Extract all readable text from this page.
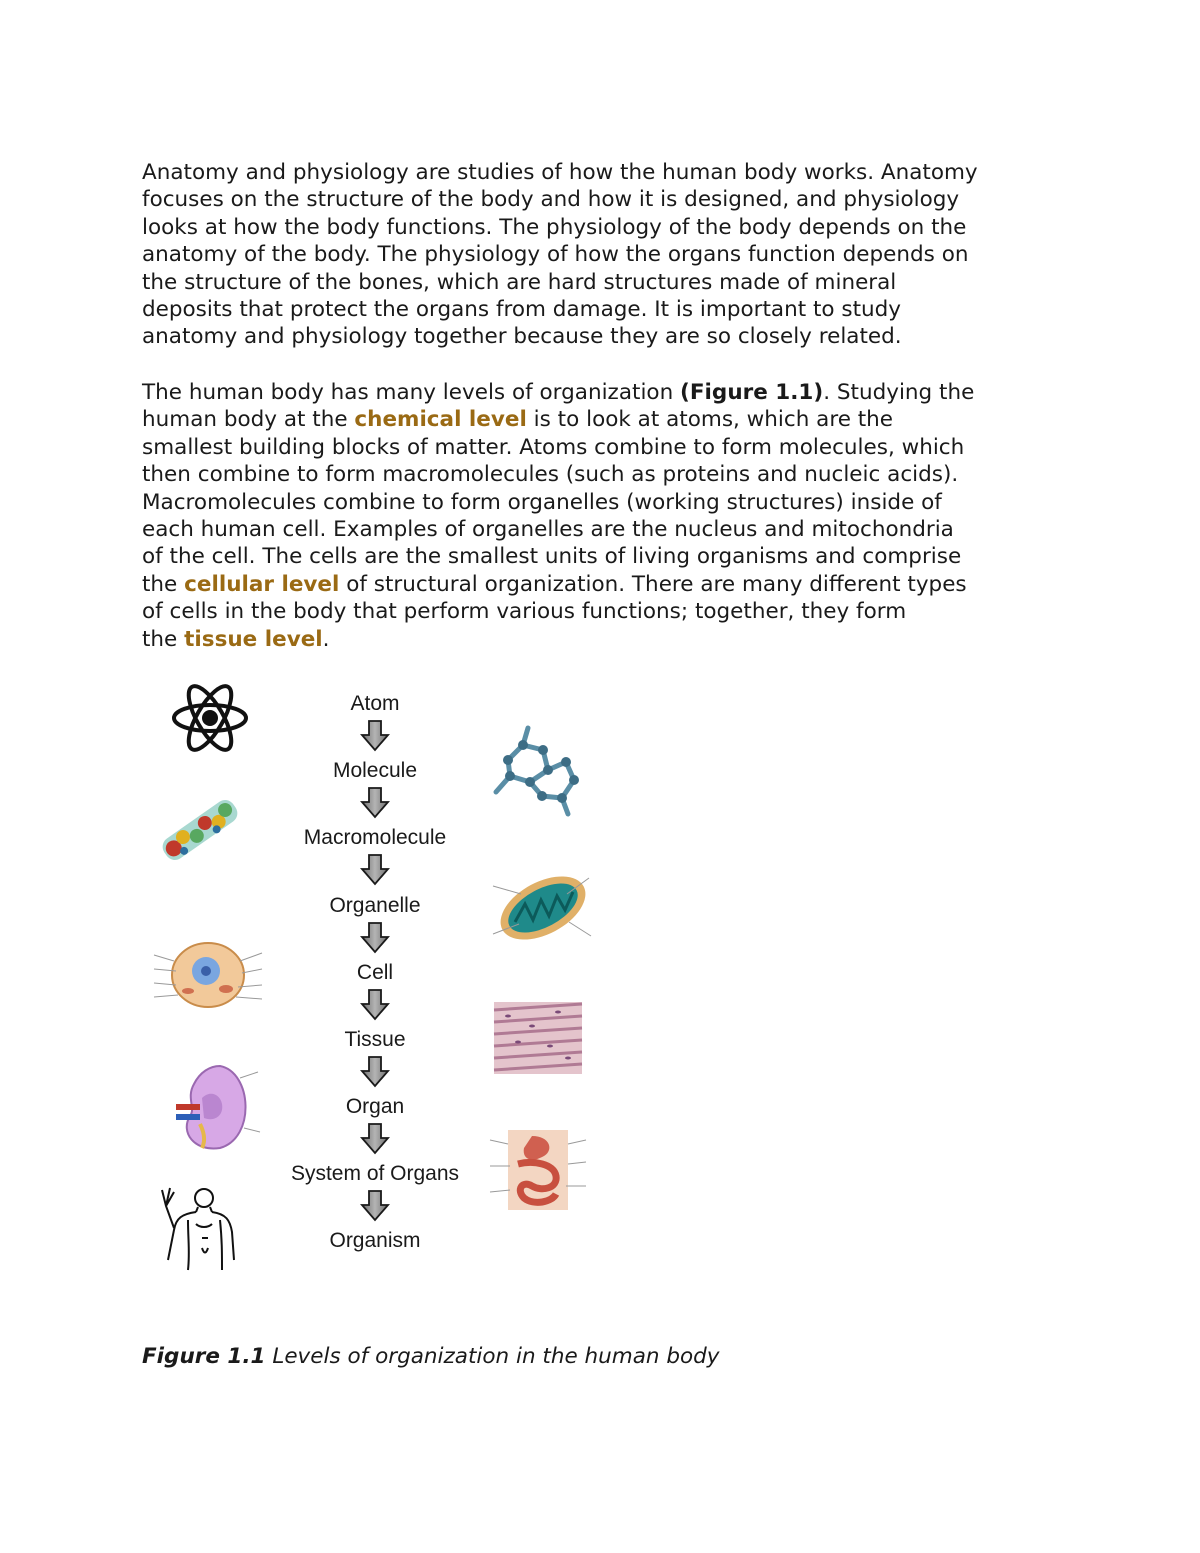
Anatomy and physiology are studies of how the human body works. Anatomy
focuses on the structure of the body and how it is designed, and physiology
looks at how the body functions. The physiology of the body depends on the
anatomy of the body. The physiology of how the organs function depends on
the structure of the bones, which are hard structures made of mineral
deposits that protect the organs from damage. It is important to study
anatomy and physiology together because they are so closely related.
The human body has many levels of organization (Figure 1.1). Studying the
human body at the chemical level is to look at atoms, which are the
smallest building blocks of matter. Atoms combine to form molecules, which
then combine to form macromolecules (such as proteins and nucleic acids).
Macromolecules combine to form organelles (working structures) inside of
each human cell. Examples of organelles are the nucleus and mitochondria
of the cell. The cells are the smallest units of living organisms and comprise
the cellular level of structural organization. There are many different types
of cells in the body that perform various functions; together, they form
the tissue level.
Atom
Molecule
Macromolecule
Organelle
Cell
Tissue
Organ
System of Organs
Organism

Figure 1.1 Levels of organization in the human body
